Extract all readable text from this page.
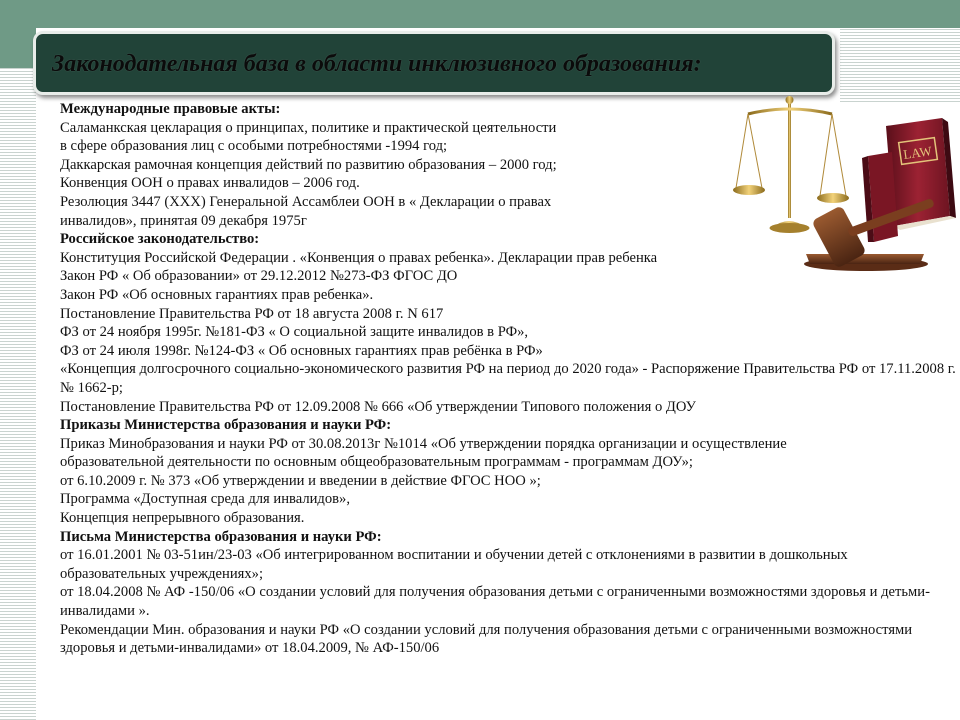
Законодательная база в области инклюзивного образования:
LAW
Международные правовые акты:
Саламанкская цекларация о принципах, политике и практической цеятельности
в сфере образования лиц с особыми потребностями -1994 год;
Даккарская рамочная концепция действий по развитию образования – 2000 год;
Конвенция ООН о правах инвалидов – 2006 год.
Резолюция 3447 (ХХХ) Генеральной Ассамблеи ООН в « Декларации о правах
инвалидов», принятая 09 декабря 1975г
Российское законодательство:
Конституция Российской Федерации . «Конвенция о правах ребенка». Декларации прав ребенка
Закон РФ « Об образовании» от 29.12.2012 №273-ФЗ ФГОС ДО
Закон РФ «Об основных гарантиях прав ребенка».
Постановление Правительства РФ от 18 августа 2008 г. N 617
ФЗ от 24 ноября 1995г. №181-ФЗ « О социальной защите инвалидов в РФ»,
ФЗ от 24 июля 1998г. №124-ФЗ « Об основных гарантиях прав ребёнка в РФ»
«Концепция долгосрочного социально-экономического развития РФ на период до 2020 года» - Распоряжение Правительства РФ от 17.11.2008 г. № 1662-р;
Постановление Правительства РФ от 12.09.2008 № 666 «Об утверждении Типового положения о ДОУ
Приказы Министерства образования и науки РФ:
Приказ Минобразования и науки РФ от 30.08.2013г №1014 «Об утверждении порядка организации и осуществление
образовательной деятельности по основным общеобразовательным программам - программам ДОУ»;
от 6.10.2009 г. № 373 «Об утверждении и введении в действие ФГОС НОО »;
Программа «Доступная среда для инвалидов»,
Концепция непрерывного образования.
Письма Министерства образования и науки РФ:
от 16.01.2001 № 03-51ин/23-03 «Об интегрированном воспитании и обучении детей с отклонениями в развитии в дошкольных образовательных учреждениях»;
от 18.04.2008 № АФ -150/06 «О создании условий для получения образования детьми с ограниченными возможностями здоровья и детьми-инвалидами ».
Рекомендации Мин. образования и науки РФ «О создании условий для получения образования детьми с ограниченными возможностями здоровья и детьми-инвалидами» от 18.04.2009, № АФ-150/06
